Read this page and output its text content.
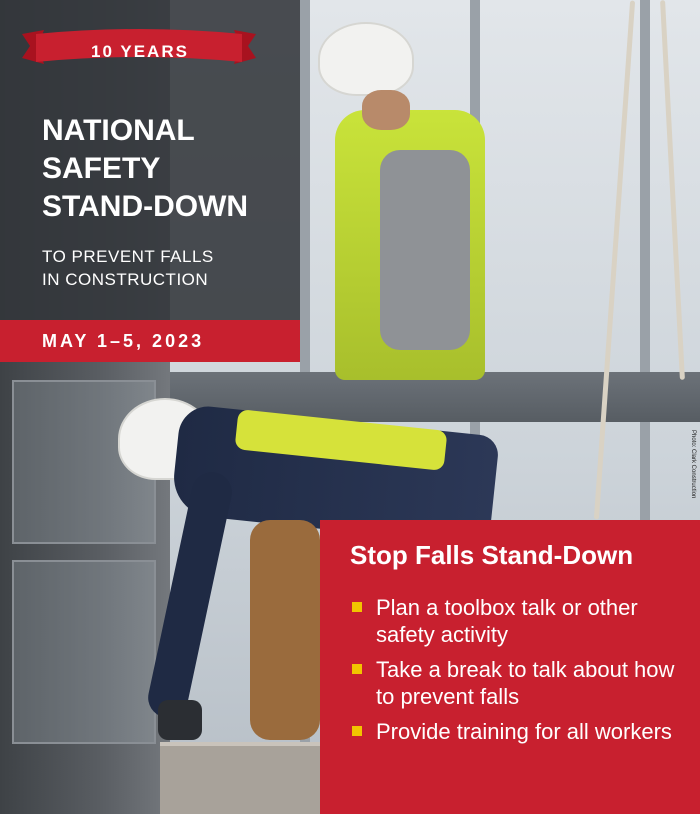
10 YEARS
NATIONAL
SAFETY
STAND-DOWN
TO PREVENT FALLS
IN CONSTRUCTION
MAY 1–5, 2023
Stop Falls Stand-Down
Plan a toolbox talk or other safety activity
Take a break to talk about how to prevent falls
Provide training for all workers
Photo: Clark Construction
